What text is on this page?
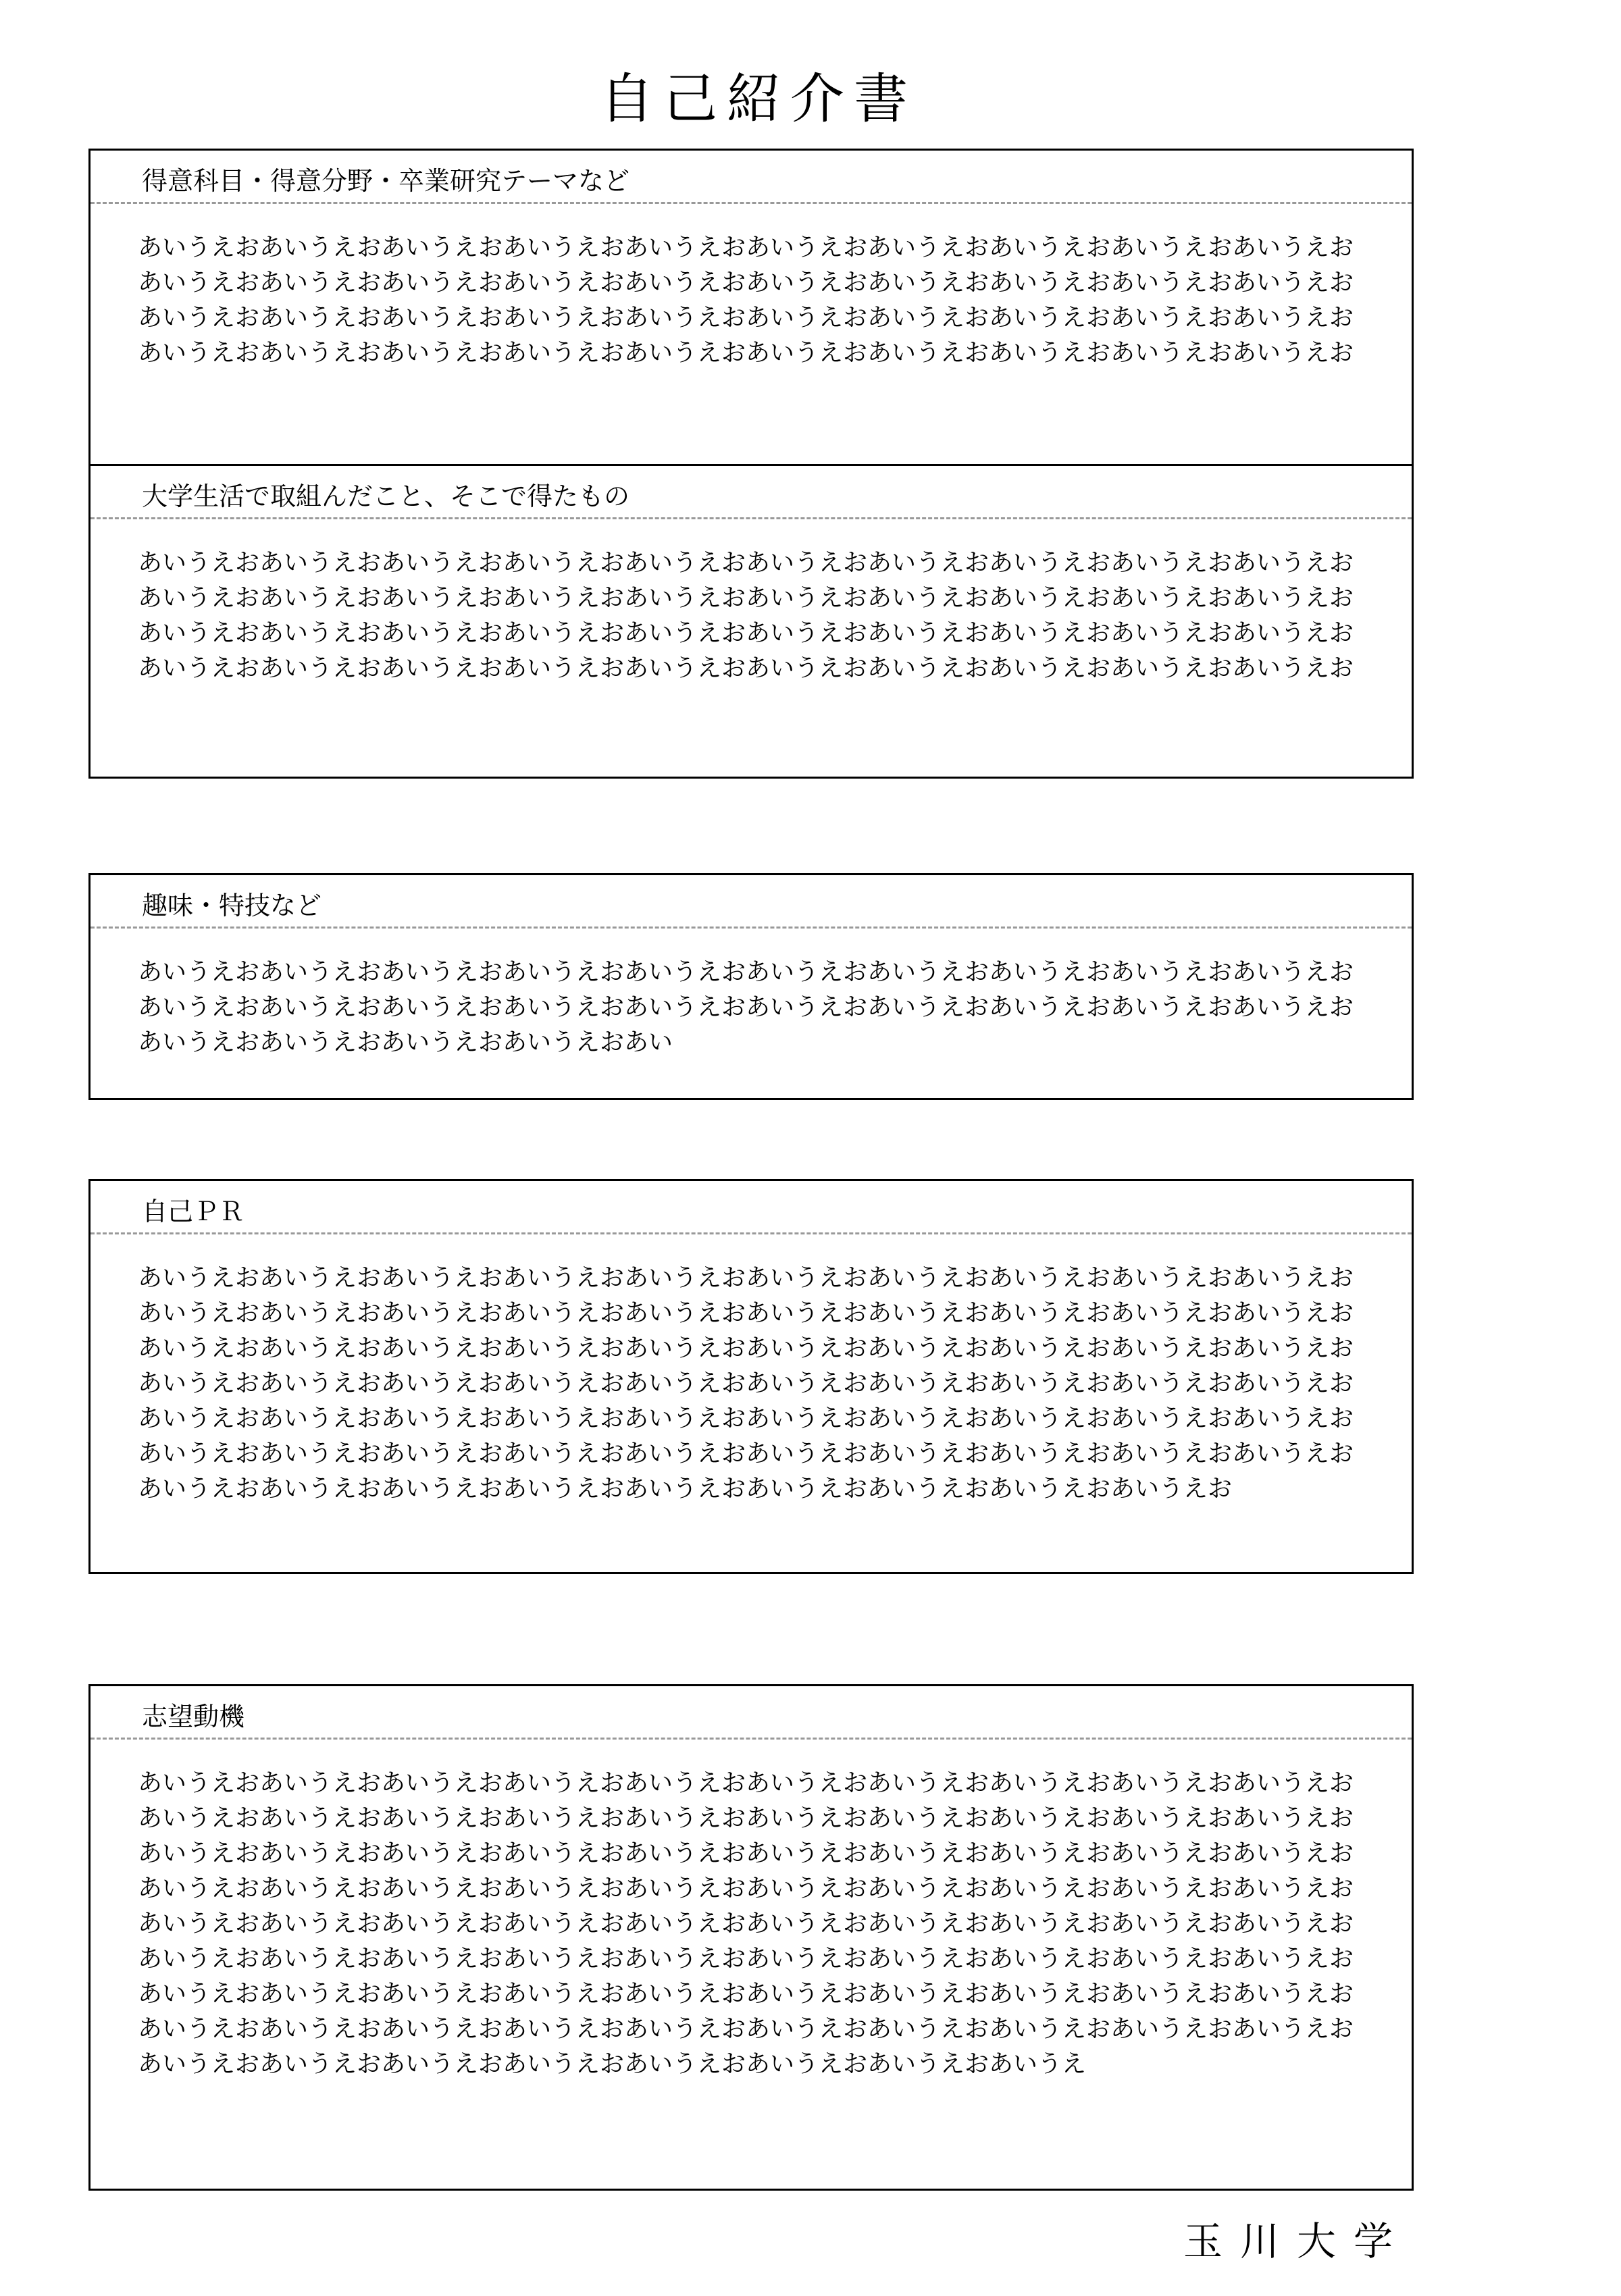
自己紹介書
得意科目・得意分野・卒業研究テーマなど
あいうえおあいうえおあいうえおあいうえおあいうえおあいうえおあいうえおあいうえおあいうえおあいうえお
あいうえおあいうえおあいうえおあいうえおあいうえおあいうえおあいうえおあいうえおあいうえおあいうえお
あいうえおあいうえおあいうえおあいうえおあいうえおあいうえおあいうえおあいうえおあいうえおあいうえお
あいうえおあいうえおあいうえおあいうえおあいうえおあいうえおあいうえおあいうえおあいうえおあいうえお
大学生活で取組んだこと、そこで得たもの
あいうえおあいうえおあいうえおあいうえおあいうえおあいうえおあいうえおあいうえおあいうえおあいうえお
あいうえおあいうえおあいうえおあいうえおあいうえおあいうえおあいうえおあいうえおあいうえおあいうえお
あいうえおあいうえおあいうえおあいうえおあいうえおあいうえおあいうえおあいうえおあいうえおあいうえお
あいうえおあいうえおあいうえおあいうえおあいうえおあいうえおあいうえおあいうえおあいうえおあいうえお
趣味・特技など
あいうえおあいうえおあいうえおあいうえおあいうえおあいうえおあいうえおあいうえおあいうえおあいうえお
あいうえおあいうえおあいうえおあいうえおあいうえおあいうえおあいうえおあいうえおあいうえおあいうえお
あいうえおあいうえおあいうえおあいうえおあい
自己ＰＲ
あいうえおあいうえおあいうえおあいうえおあいうえおあいうえおあいうえおあいうえおあいうえおあいうえお
あいうえおあいうえおあいうえおあいうえおあいうえおあいうえおあいうえおあいうえおあいうえおあいうえお
あいうえおあいうえおあいうえおあいうえおあいうえおあいうえおあいうえおあいうえおあいうえおあいうえお
あいうえおあいうえおあいうえおあいうえおあいうえおあいうえおあいうえおあいうえおあいうえおあいうえお
あいうえおあいうえおあいうえおあいうえおあいうえおあいうえおあいうえおあいうえおあいうえおあいうえお
あいうえおあいうえおあいうえおあいうえおあいうえおあいうえおあいうえおあいうえおあいうえおあいうえお
あいうえおあいうえおあいうえおあいうえおあいうえおあいうえおあいうえおあいうえおあいうえお
志望動機
あいうえおあいうえおあいうえおあいうえおあいうえおあいうえおあいうえおあいうえおあいうえおあいうえお
あいうえおあいうえおあいうえおあいうえおあいうえおあいうえおあいうえおあいうえおあいうえおあいうえお
あいうえおあいうえおあいうえおあいうえおあいうえおあいうえおあいうえおあいうえおあいうえおあいうえお
あいうえおあいうえおあいうえおあいうえおあいうえおあいうえおあいうえおあいうえおあいうえおあいうえお
あいうえおあいうえおあいうえおあいうえおあいうえおあいうえおあいうえおあいうえおあいうえおあいうえお
あいうえおあいうえおあいうえおあいうえおあいうえおあいうえおあいうえおあいうえおあいうえおあいうえお
あいうえおあいうえおあいうえおあいうえおあいうえおあいうえおあいうえおあいうえおあいうえおあいうえお
あいうえおあいうえおあいうえおあいうえおあいうえおあいうえおあいうえおあいうえおあいうえおあいうえお
あいうえおあいうえおあいうえおあいうえおあいうえおあいうえおあいうえおあいうえ
玉川大学
